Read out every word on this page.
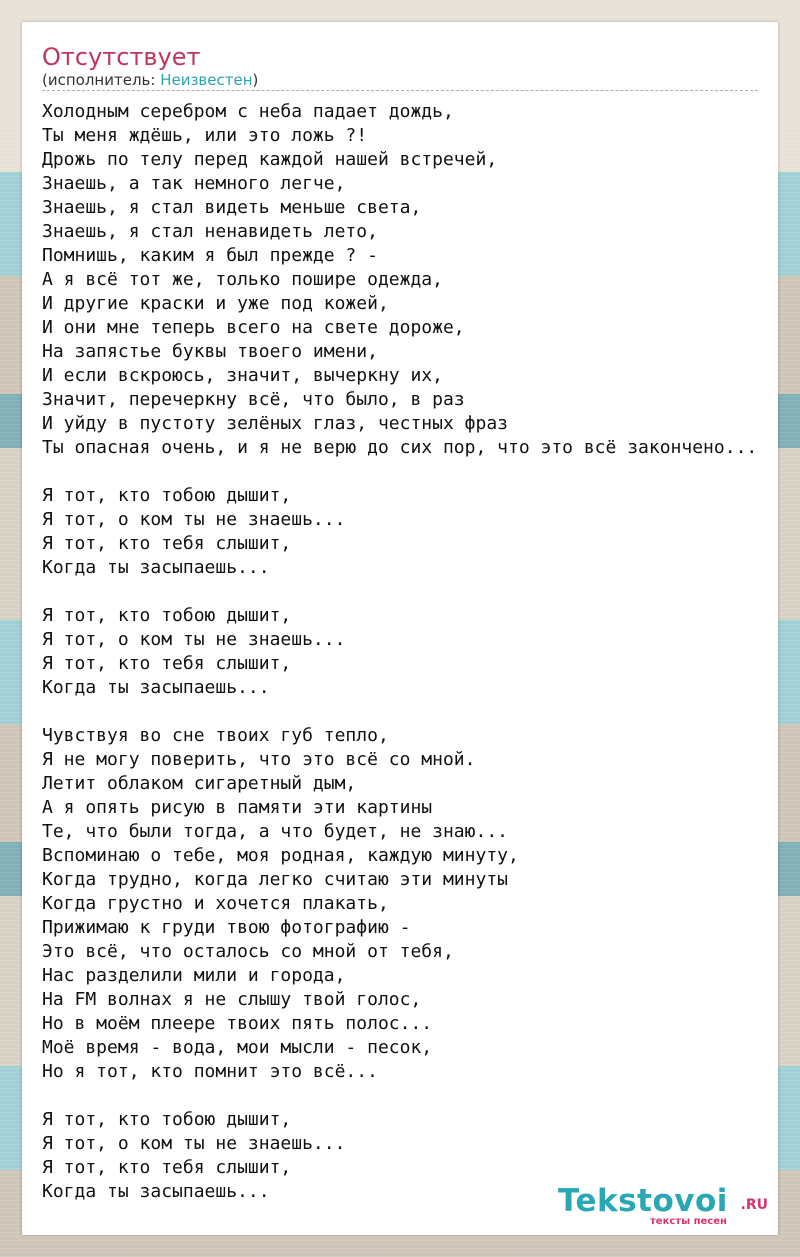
Отсутствует
(исполнитель: Неизвестен)
Холодным серебром с неба падает дождь,
Ты меня ждёшь, или это ложь ?!
Дрожь по телу перед каждой нашей встречей,
Знаешь, а так немного легче,
Знаешь, я стал видеть меньше света,
Знаешь, я стал ненавидеть лето,
Помнишь, каким я был прежде ? -
А я всё тот же, только пошире одежда,
И другие краски и уже под кожей,
И они мне теперь всего на свете дороже,
На запястье буквы твоего имени,
И если вскроюсь, значит, вычеркну их,
Значит, перечеркну всё, что было, в раз
И уйду в пустоту зелёных глаз, честных фраз
Ты опасная очень, и я не верю до сих пор, что это всё закончено...

Я тот, кто тобою дышит,
Я тот, о ком ты не знаешь...
Я тот, кто тебя слышит,
Когда ты засыпаешь...

Я тот, кто тобою дышит,
Я тот, о ком ты не знаешь...
Я тот, кто тебя слышит,
Когда ты засыпаешь...

Чувствуя во сне твоих губ тепло,
Я не могу поверить, что это всё со мной.
Летит облаком сигаретный дым,
А я опять рисую в памяти эти картины
Те, что были тогда, а что будет, не знаю...
Вспоминаю о тебе, моя родная, каждую минуту,
Когда трудно, когда легко считаю эти минуты
Когда грустно и хочется плакать,
Прижимаю к груди твою фотографию -
Это всё, что осталось со мной от тебя,
Нас разделили мили и города,
На FM волнах я не слышу твой голос,
Но в моём плеере твоих пять полос...
Моё время - вода, мои мысли - песок,
Но я тот, кто помнит это всё...

Я тот, кто тобою дышит,
Я тот, о ком ты не знаешь...
Я тот, кто тебя слышит,
Когда ты засыпаешь...	Tekstovoi .RU
тексты песен
